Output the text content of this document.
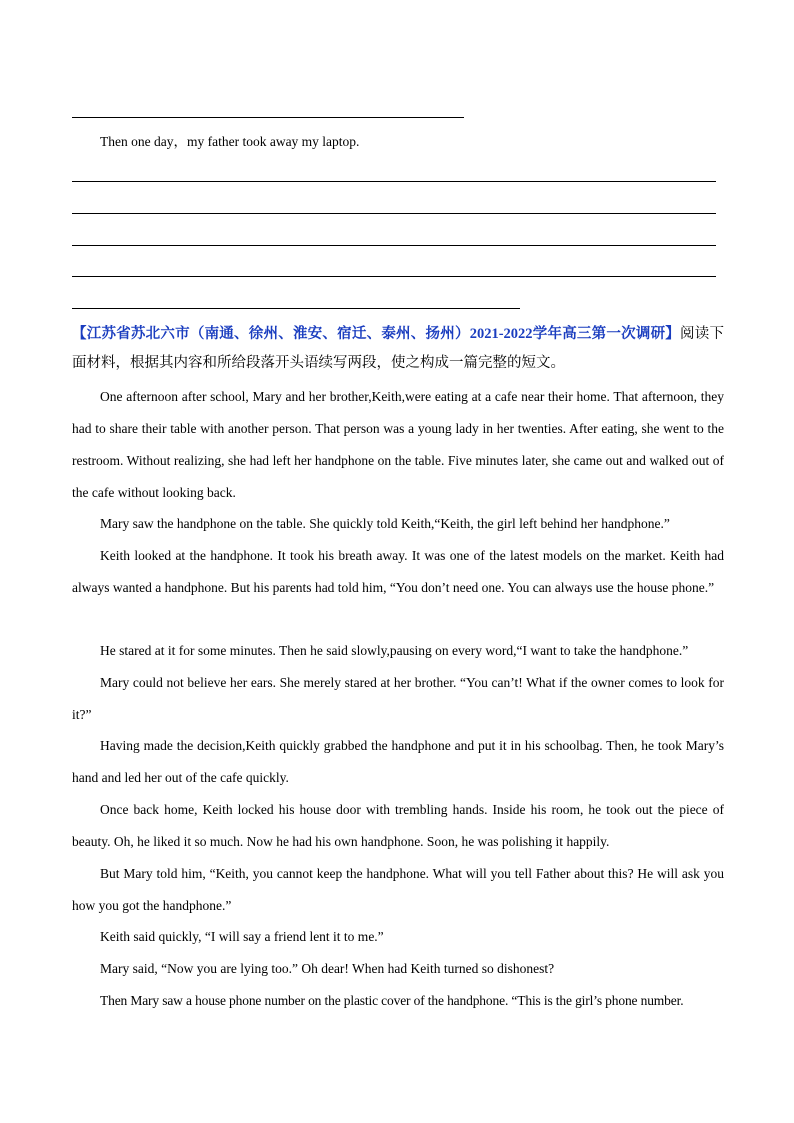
Then one day，my father took away my laptop.

【江苏省苏北六市（南通、徐州、淮安、宿迁、泰州、扬州）2021-2022学年高三第一次调研】阅读下面材料，根据其内容和所给段落开头语续写两段，使之构成一篇完整的短文。

One afternoon after school, Mary and her brother,Keith,were eating at a cafe near their home. That afternoon, they had to share their table with another person. That person was a young lady in her twenties. After eating, she went to the restroom. Without realizing, she had left her handphone on the table. Five minutes later, she came out and walked out of the cafe without looking back.

Mary saw the handphone on the table. She quickly told Keith,“Keith, the girl left behind her handphone.”

Keith looked at the handphone. It took his breath away. It was one of the latest models on the market. Keith had always wanted a handphone. But his parents had told him, “You don’t need one. You can always use the house phone.”

He stared at it for some minutes. Then he said slowly,pausing on every word,“I want to take the handphone.”

Mary could not believe her ears. She merely stared at her brother. “You can’t! What if the owner comes to look for it?”

Having made the decision,Keith quickly grabbed the handphone and put it in his schoolbag. Then, he took Mary’s hand and led her out of the cafe quickly.

Once back home, Keith locked his house door with trembling hands. Inside his room, he took out the piece of beauty. Oh, he liked it so much. Now he had his own handphone. Soon, he was polishing it happily.

But Mary told him, “Keith, you cannot keep the handphone. What will you tell Father about this? He will ask you how you got the handphone.”

Keith said quickly, “I will say a friend lent it to me.”

Mary said, “Now you are lying too.” Oh dear! When had Keith turned so dishonest?

Then Mary saw a house phone number on the plastic cover of the handphone. “This is the girl’s phone number.
